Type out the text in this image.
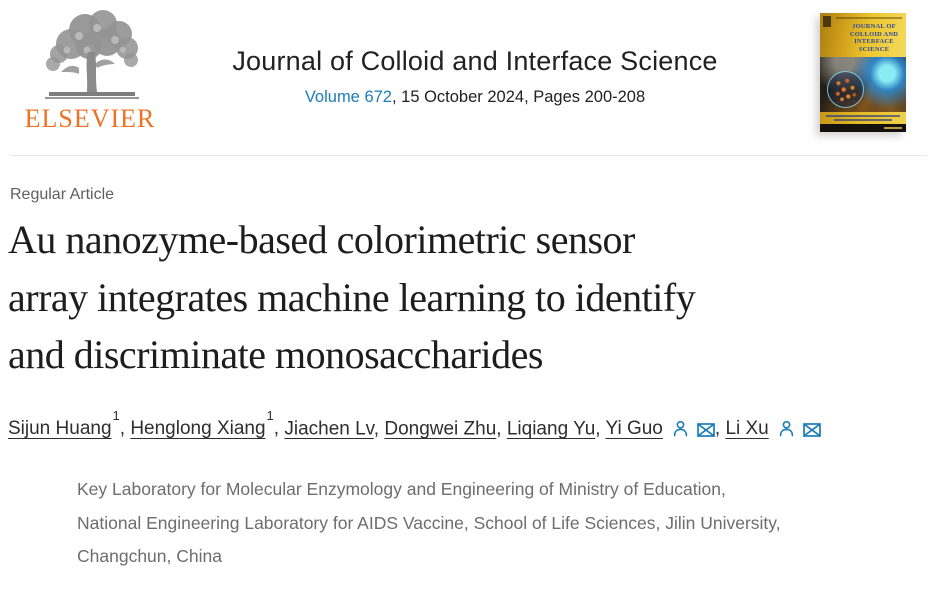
ELSEVIER
Journal of Colloid and Interface Science
Volume 672, 15 October 2024, Pages 200-208
JOURNAL OF COLLOID AND INTERFACE SCIENCE
Regular Article
Au nanozyme-based colorimetric sensor
array integrates machine learning to identify
and discriminate monosaccharides
Sijun Huang$^1$, Henglong Xiang$^1$, Jiachen Lv, Dongwei Zhu, Liqiang Yu, Yi Guo	, Li Xu
Key Laboratory for Molecular Enzymology and Engineering of Ministry of Education,
National Engineering Laboratory for AIDS Vaccine, School of Life Sciences, Jilin University,
Changchun, China
